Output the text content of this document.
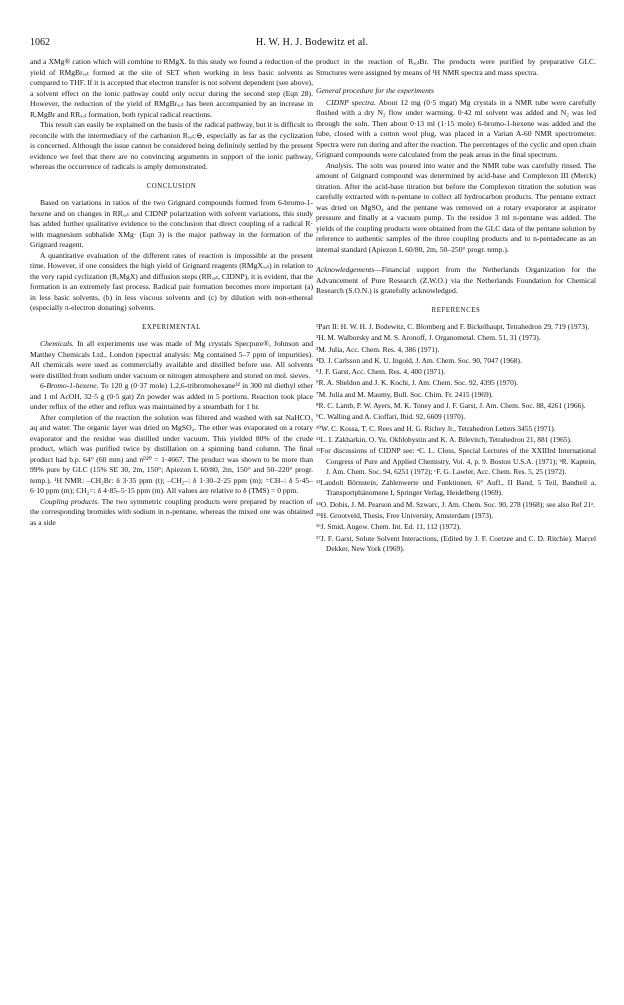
1062	H. W. H. J. Bodewitz et al.

and a XMg® cation which will combine to RMgX. In this study we found a reduction of the yield of RMgBrₓₒₜ formed at the site of SET when working in less basic solvents as compared to THF. If it is accepted that electron transfer is not solvent dependent (see above), a solvent effect on the ionic pathway could only occur during the second step (Eqn 28). However, the reduction of the yield of RMgBrₓₒₜ has been accompanied by an increase in RₒMgBr and RRₓₒₜ formation, both typical radical reactions.

This result can easily be explained on the basis of the radical pathway, but it is difficult to reconcile with the intermediacy of the carbanion Rₓₒₜ:⊖, especially as far as the cyclization is concerned. Although the issue cannot be considered being definitely settled by the present evidence we feel that there are no convincing arguments in support of the ionic pathway, whereas the occurrence of radicals is amply demonstrated.

CONCLUSION

Based on variations in ratios of the two Grignard compounds formed from 6-bromo-1-hexene and on changes in RRₓₒₜ and CIDNP polarization with solvent variations, this study has added further qualitative evidence to the conclusion that direct coupling of a radical R· with magnesium subhalide XMg· (Eqn 3) is the major pathway in the formation of the Grignard reagent.

A quantitative evaluation of the different rates of reaction is impossible at the present time. However, if one considers the high yield of Grignard reagents (RMgXₓₒₜ) in relation to the very rapid cyclization (RₒMgX) and diffusion steps (RRₓₒₜ, CIDNP), it is evident, that the formation is an extremely fast process. Radical pair formation becomes more important (a) in less basic solvents, (b) in less viscous solvents and (c) by dilution with non-ethereal (especially π-electron donating) solvents.

EXPERIMENTAL

Chemicals. In all experiments use was made of Mg crystals Specpure®, Johnson and Matthey Chemicals Ltd., London (spectral analysis: Mg contained 5–7 ppm of impurities). All chemicals were used as commercially available and distilled before use. All solvents were distilled from sodium under vacuum or nitrogen atmosphere and stored on mol. sieves.

6-Bromo-1-hexene. To 120 g (0·37 mole) 1,2,6-tribromohexane³² in 300 ml diethyl ether and 1 ml AcOH, 32·5 g (0·5 gat) Zn powder was added in 5 portions. Reaction took place under reflux of the ether and reflux was maintained by a steambath for 1 hr.

After completion of the reaction the solution was filtered and washed with sat NaHCO₃ aq and water. The organic layer was dried on MgSO₄. The ether was evaporated on a rotary evaporator and the residue was distilled under vacuum. This yielded 80% of the crude product, which was purified twice by distillation on a spinning band column. The final product had b.p. 64° (60 mm) and nᴰ²⁰ = 1·4667. The product was shown to be more than 99% pure by GLC (15% SE 30, 2m, 150°; Apiezon L 60/80, 2m, 150° and 50–220° progr. temp.). ¹H NMR: –CH₂Br: δ 3·35 ppm (t); –CH₂–: δ 1·30–2·25 ppm (m); =CH–: δ 5·45–6·10 ppm (m); CH₂=: δ 4·85–5·15 ppm (m). All values are relative to δ (TMS) = 0 ppm.

Coupling products. The two symmetric coupling products were prepared by reaction of the corresponding bromides with sodium in n-pentane, whereas the mixed one was obtained as a side

product in the reaction of RₓₒₜBr. The products were purified by preparative GLC. Structures were assigned by means of ¹H NMR spectra and mass spectra.

General procedure for the experiments

CIDNP spectra. About 12 mg (0·5 mgat) Mg crystals in a NMR tube were carefully flushed with a dry N₂ flow under warming. 0·42 ml solvent was added and N₂ was led through the soln. Then about 0·13 ml (1·15 mole) 6-bromo-1-hexene was added and the tube, closed with a cotton wool plug, was placed in a Varian A-60 NMR spectrometer. Spectra were run during and after the reaction. The percentages of the cyclic and open chain Grignard compounds were calculated from the peak areas in the final spectrum.

Analysis. The soln was poured into water and the NMR tube was carefully rinsed. The amount of Grignard compound was determined by acid-base and Complexon III (Merck) titration. After the acid-base titration but before the Complexon titration the solution was carefully extracted with n-pentane to collect all hydrocarbon products. The pentane extract was dried on MgSO₄ and the pentane was removed on a rotary evaporator at aspirator pressure and finally at a vacuum pump. To the residue 3 ml n-pentane was added. The yields of the coupling products were obtained from the GLC data of the pentane solution by reference to authentic samples of the three coupling products and to n-pentadecane as an internal standard (Apiezon L 60/80, 2m, 50–250° progr. temp.).

Acknowledgements—Financial support from the Netherlands Organization for the Advancement of Pure Research (Z.W.O.) via the Netherlands Foundation for Chemical Research (S.O.N.) is gratefully acknowledged.

REFERENCES

¹Part II: H. W. H. J. Bodewitz, C. Blomberg and F. Bickelhaupt, Tetrahedron 29, 719 (1973).
²H. M. Walborsky and M. S. Aronoff, J. Organometal. Chem. 51, 31 (1973).
³M. Julia, Acc. Chem. Res. 4, 386 (1971).
⁴D. J. Carlsson and K. U. Ingold, J. Am. Chem. Soc. 90, 7047 (1968).
⁵J. F. Garst, Acc. Chem. Res. 4, 400 (1971).
⁶R. A. Sheldon and J. K. Kochi, J. Am. Chem. Soc. 92, 4395 (1970).
⁷M. Julia and M. Maumy, Bull. Soc. Chim. Fr. 2415 (1969).
⁸R. C. Lamb, P. W. Ayers, M. K. Toney and J. F. Garst, J. Am. Chem. Soc. 88, 4261 (1966).
⁹C. Walling and A. Cioffari, Ibid. 92, 6609 (1970).
¹⁰W. C. Kossa, T. C. Rees and H. G. Richey Jr., Tetrahedron Letters 3455 (1971).
¹¹L. I. Zakharkin, O. Yu. Okhlobystin and K. A. Bilevitch, Tetrahedron 21, 881 (1965).
¹²For discussions of CIDNP see: ᵃC. L. Closs, Special Lectures of the XXIIIrd International Congress of Pure and Applied Chemistry, Vol. 4, p. 9. Boston U.S.A. (1971); ᵇR. Kaptein, J. Am. Chem. Soc. 94, 6251 (1972); ᶜF. G. Lawler, Acc. Chem. Res. 5, 25 (1972).
¹³Landolt Börnstein, Zahlenwerte und Funktionen, 6° Aufl., II Band, 5 Teil, Bandteil a, Transportphänomene I, Springer Verlag, Heidelberg (1969).
¹⁴O. Dobis, J. M. Pearson and M. Szwarc, J. Am. Chem. Soc. 90, 278 (1968); see also Ref 21ᵃ.
¹⁵H. Grootveld, Thesis, Free University, Amsterdam (1973).
¹⁶J. Smid, Angew. Chem. Int. Ed. 11, 112 (1972).
¹⁷J. F. Garst, Solute Solvent Interactions, (Edited by J. F. Coetzee and C. D. Ritchie). Marcel Dekker, New York (1969).
